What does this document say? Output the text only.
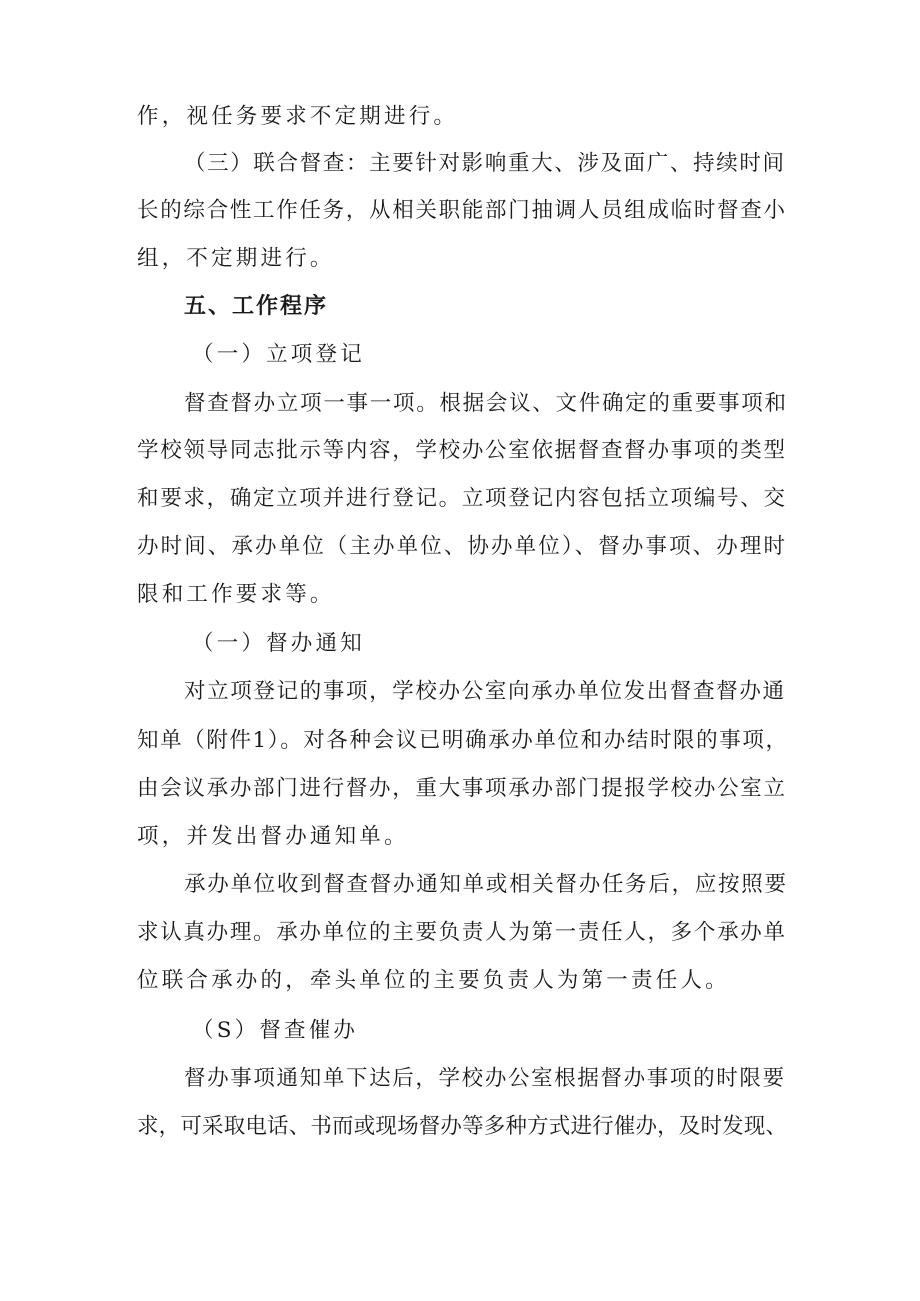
作，视任务要求不定期进行。
（三）联合督查：主要针对影响重大、涉及面广、持续时间
长的综合性工作任务，从相关职能部门抽调人员组成临时督查小
组，不定期进行。
五、工作程序
（一）立项登记
督查督办立项一事一项。根据会议、文件确定的重要事项和
学校领导同志批示等内容，学校办公室依据督查督办事项的类型
和要求，确定立项并进行登记。立项登记内容包括立项编号、交
办时间、承办单位（主办单位、协办单位）、督办事项、办理时
限和工作要求等。
（一）督办通知
对立项登记的事项，学校办公室向承办单位发出督查督办通
知单（附件1）。对各种会议已明确承办单位和办结时限的事项，
由会议承办部门进行督办，重大事项承办部门提报学校办公室立
项，并发出督办通知单。
承办单位收到督查督办通知单或相关督办任务后，应按照要
求认真办理。承办单位的主要负责人为第一责任人，多个承办单
位联合承办的，牵头单位的主要负责人为第一责任人。
（S）督查催办
督办事项通知单下达后，学校办公室根据督办事项的时限要
求，可采取电话、书而或现场督办等多种方式进行催办，及时发现、
